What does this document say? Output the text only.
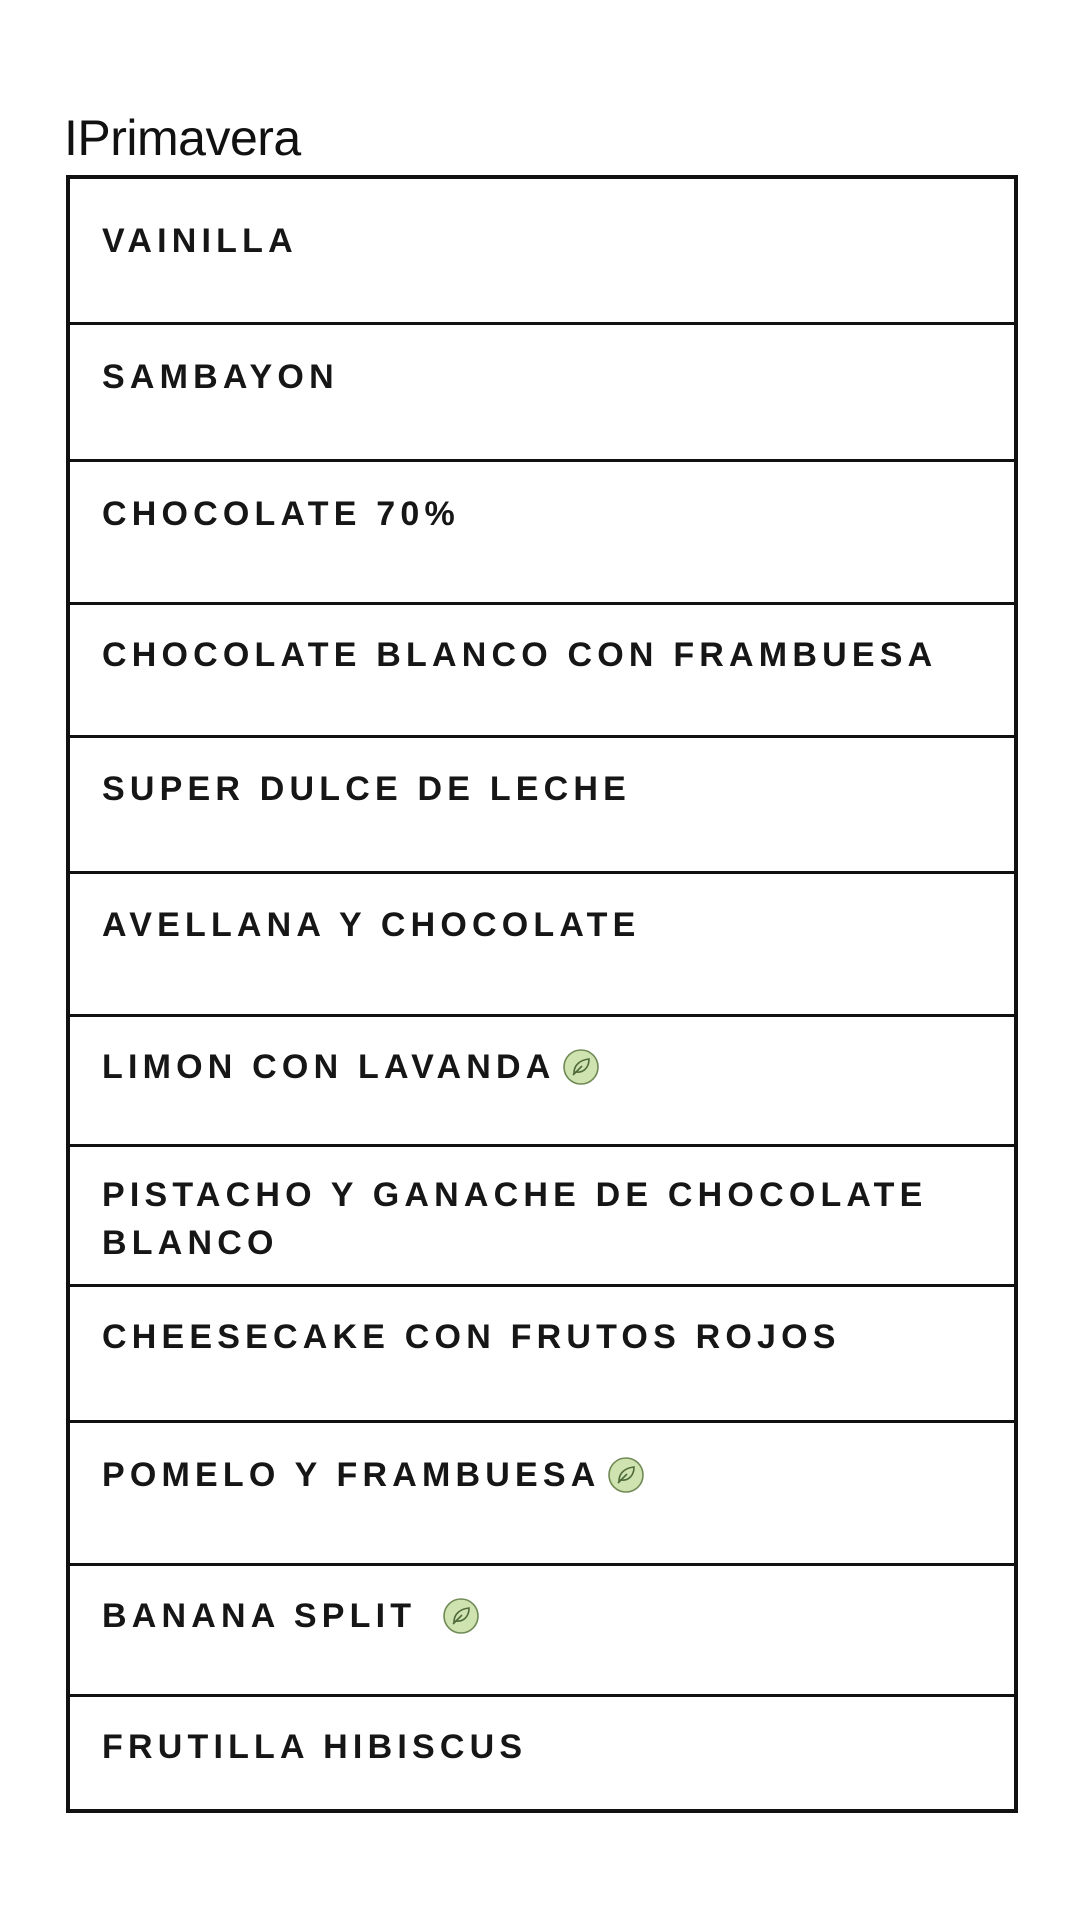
IPrimavera
VAINILLA
SAMBAYON
CHOCOLATE 70%
CHOCOLATE BLANCO CON FRAMBUESA
SUPER DULCE DE LECHE
AVELLANA Y CHOCOLATE
LIMON CON LAVANDA
PISTACHO Y GANACHE DE CHOCOLATE BLANCO
CHEESECAKE CON FRUTOS ROJOS
POMELO Y FRAMBUESA
BANANA SPLIT
FRUTILLA HIBISCUS
